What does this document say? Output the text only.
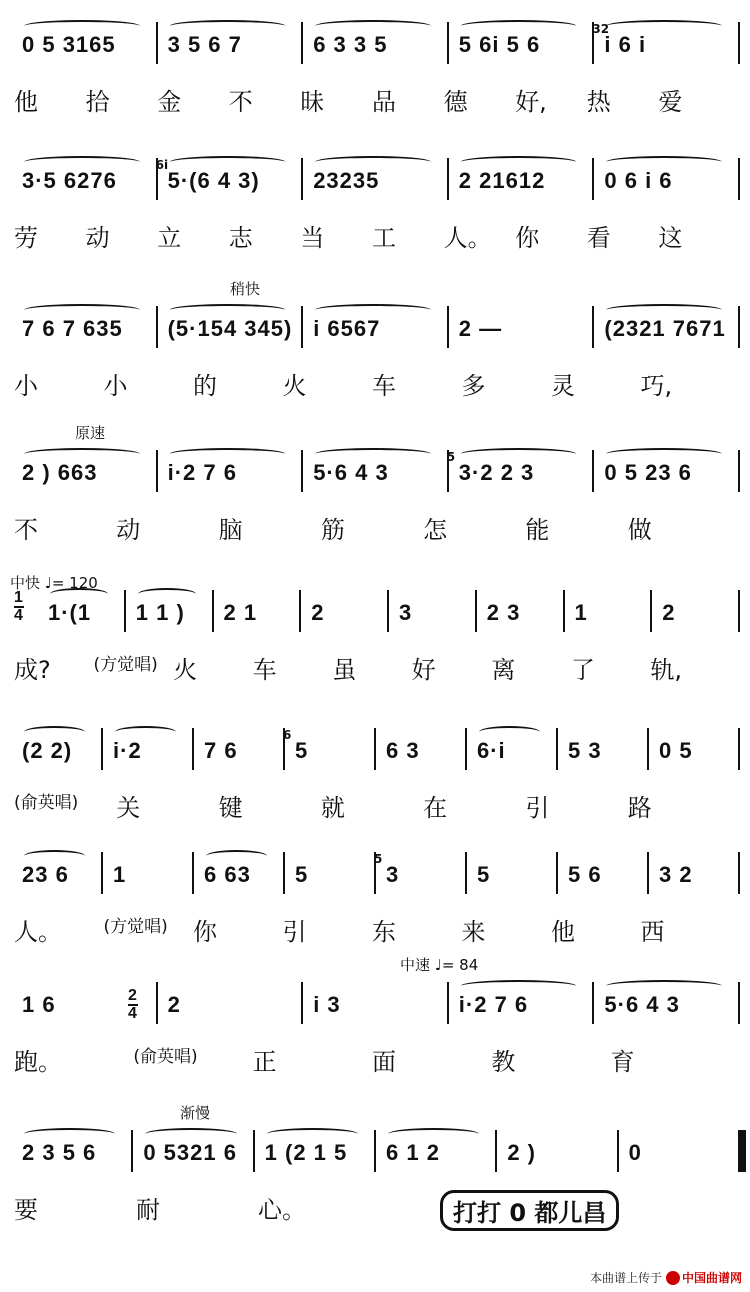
0 5 3165 3 5 6 7	6 3 3 5	5 6i 5 6	i 6 i
32
他 拾 金 不 昧 品 德 好, 热 爱
3·5 6276 5·(6 4 3)
6i
23235	2 21612	0 6 i 6
劳 动 立 志 当 工 人。 你 看 这
稍快
7 6 7 635 (5·154 345) i 6567	2 —	(2321 7671
小	小	的	火	车	多	灵	巧,
原速
2 ) 663	i·2 7 6	5·6 4 3	3·2 2 3
5
0 5 23 6
不	动	脑	筋	怎	能	做
中快 ♩= 120
1
4 1·(1 1 1 ) 2 1 2	3	2 3 1	2
成?	(方觉唱) 火 车 虽 好 离 了 轨,
(2 2) i·2	7 6	5
6
6 3	6·i	5 3	0 5
(俞英唱) 关	键	就	在	引	路
23 6 1	6 63 5	3
5
5	5 6	3 2
人。 (方觉唱) 你	引	东	来	他	西
中速 ♩= 84
2
4
1 6	2	i 3	i·2 7 6	5·6 4 3
跑。	(俞英唱) 正	面	教	育
渐慢
2 3 5 6 0 5321 6 1 (2 1 5 6 1 2	2 )	0
要	耐	心。	打打 0 都儿昌
本曲谱上传于 中国曲谱网
